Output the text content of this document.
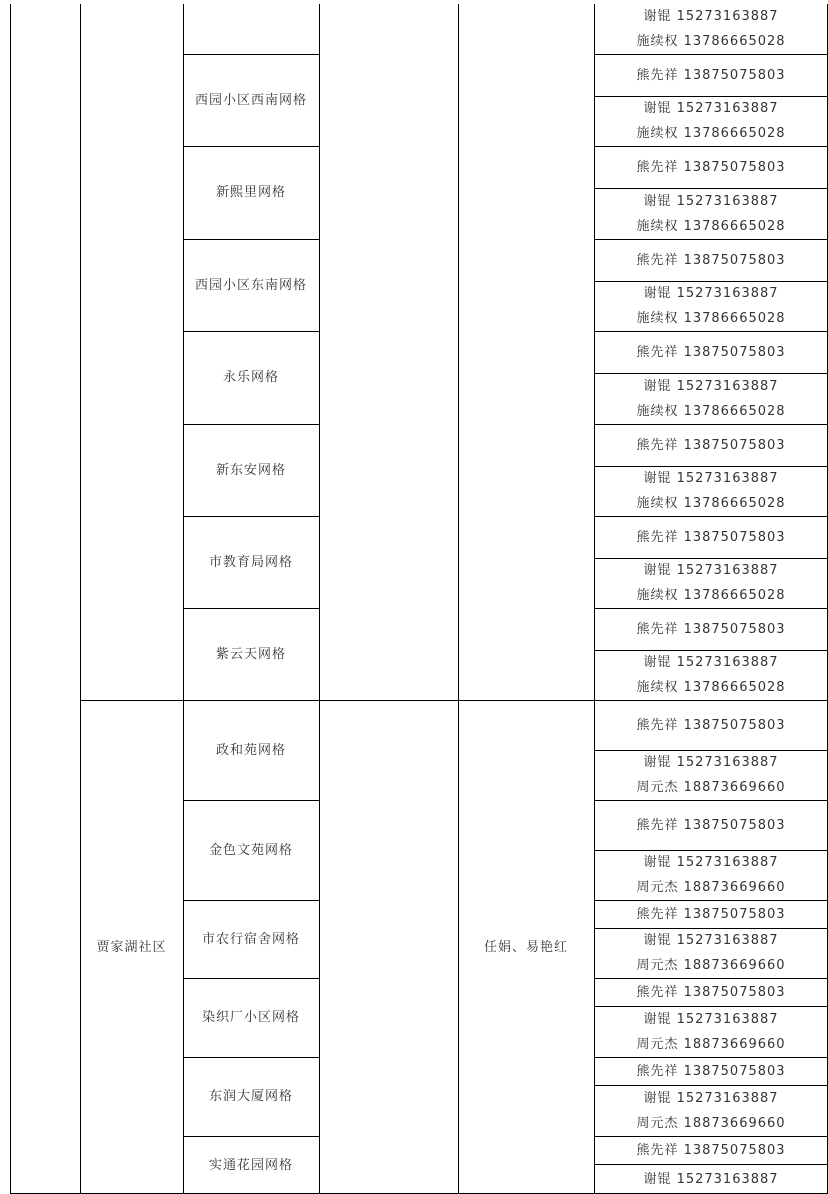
西园小区西南网格
新熙里网格
西园小区东南网格
永乐网格
新东安网格
市教育局网格
紫云天网格
谢锟 15273163887
施续权 13786665028
熊先祥 13875075803
谢锟 15273163887
施续权 13786665028
熊先祥 13875075803
谢锟 15273163887
施续权 13786665028
熊先祥 13875075803
谢锟 15273163887
施续权 13786665028
熊先祥 13875075803
谢锟 15273163887
施续权 13786665028
熊先祥 13875075803
谢锟 15273163887
施续权 13786665028
熊先祥 13875075803
谢锟 15273163887
施续权 13786665028
熊先祥 13875075803
谢锟 15273163887
施续权 13786665028
贾家湖社区	任娟、易艳红
政和苑网格
金色文苑网格
市农行宿舍网格
染织厂小区网格
东润大厦网格
实通花园网格
熊先祥 13875075803
谢锟 15273163887
周元杰 18873669660
熊先祥 13875075803
谢锟 15273163887
周元杰 18873669660
熊先祥 13875075803
谢锟 15273163887
周元杰 18873669660
熊先祥 13875075803
谢锟 15273163887
周元杰 18873669660
熊先祥 13875075803
谢锟 15273163887
周元杰 18873669660
熊先祥 13875075803
谢锟 15273163887
